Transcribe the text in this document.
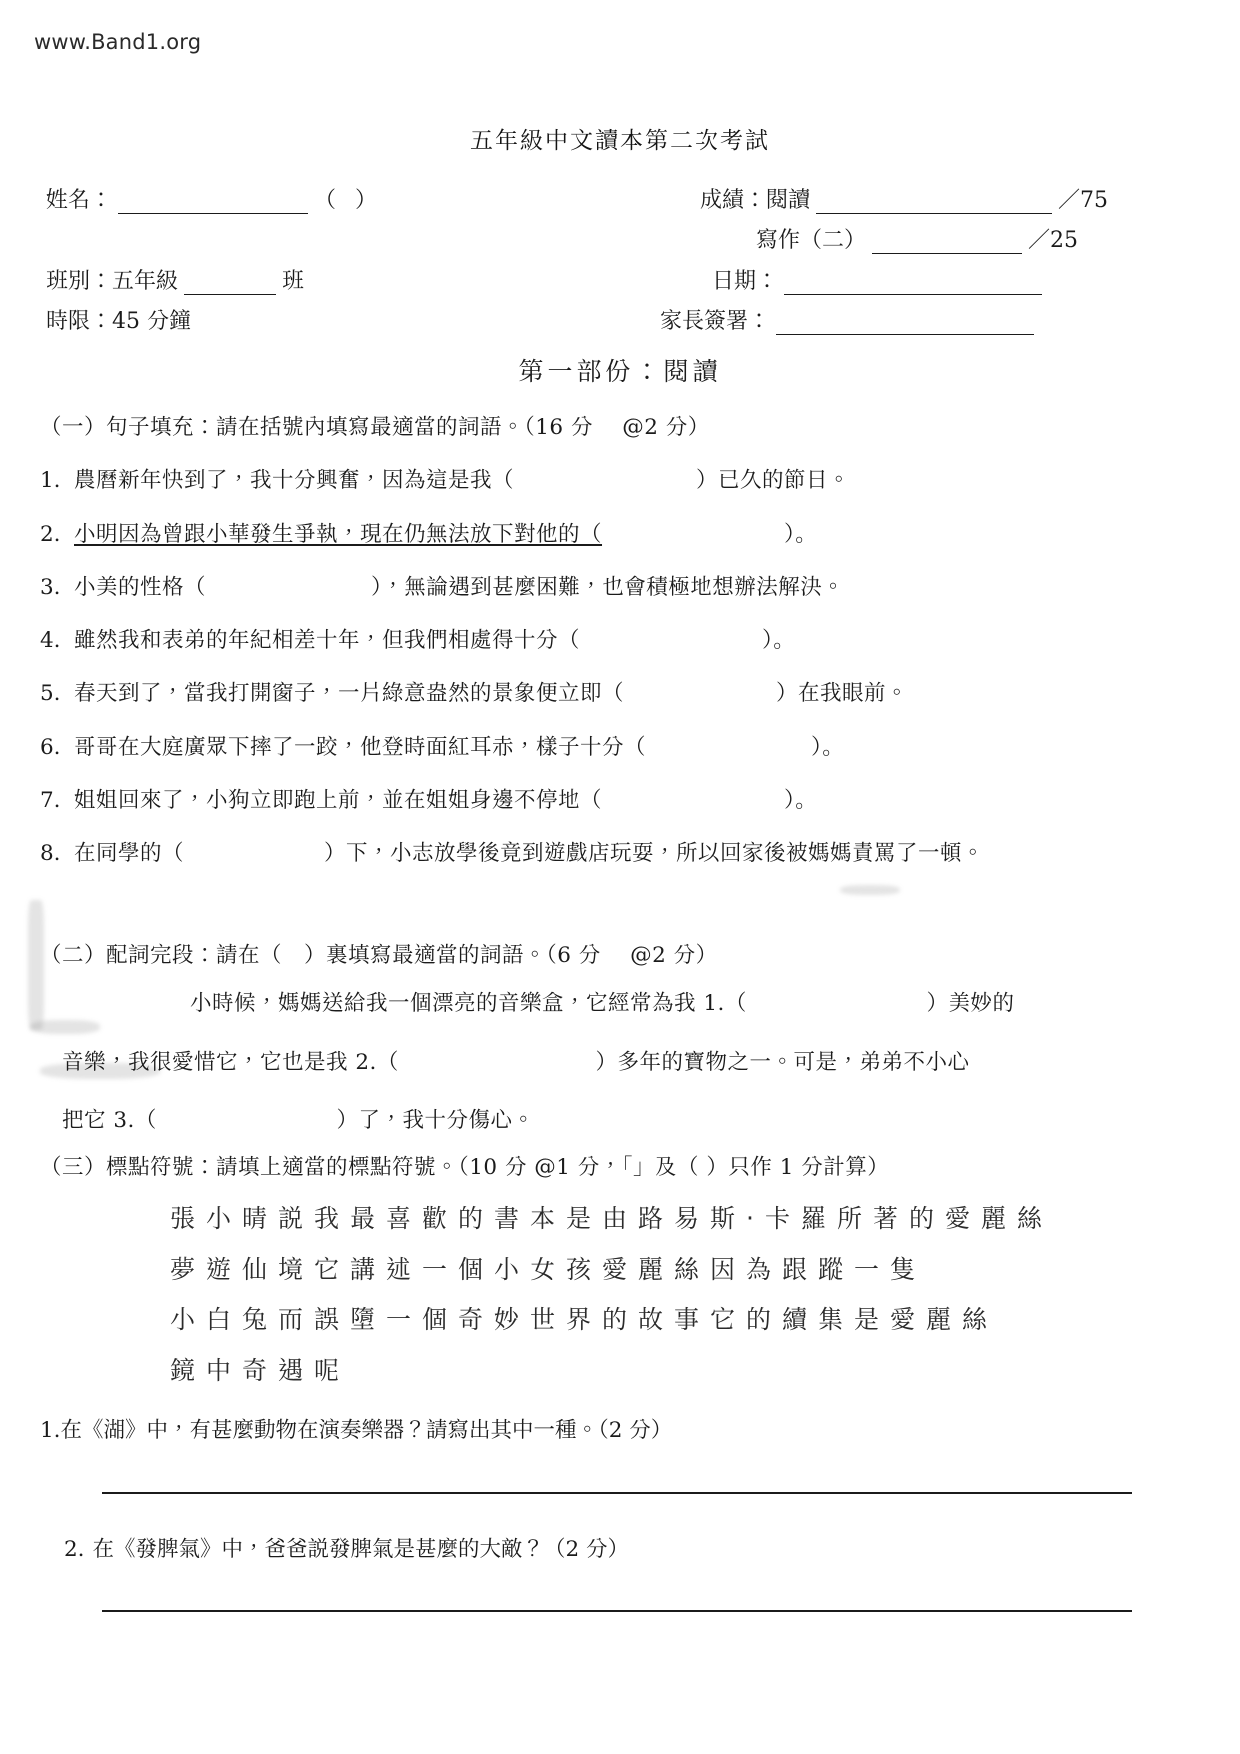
www.Band1.org
五年級中文讀本第二次考試
姓名：	（ ）
班別：五年級	班
時限：45 分鐘
成績：閱讀	／75
寫作（二）	／25
日期：
家長簽署：
第一部份：閱讀
（一）句子填充：請在括號內填寫最適當的詞語。（16 分　 @2 分）
1. 農曆新年快到了，我十分興奮，因為這是我（	）已久的節日。
2. 小明因為曾跟小華發生爭執，現在仍無法放下對他的（	）。
3. 小美的性格（	），無論遇到甚麼困難，也會積極地想辦法解決。
4. 雖然我和表弟的年紀相差十年，但我們相處得十分（	）。
5. 春天到了，當我打開窗子，一片綠意盎然的景象便立即（	）在我眼前。
6. 哥哥在大庭廣眾下摔了一跤，他登時面紅耳赤，樣子十分（	）。
7. 姐姐回來了，小狗立即跑上前，並在姐姐身邊不停地（	）。
8. 在同學的（	）下，小志放學後竟到遊戲店玩耍，所以回家後被媽媽責罵了一頓。
（二）配詞完段：請在（　）裏填寫最適當的詞語。（6 分　 @2 分）
小時候，媽媽送給我一個漂亮的音樂盒，它經常為我 1.（	）美妙的
音樂，我很愛惜它，它也是我 2.（	）多年的寶物之一。可是，弟弟不小心
把它 3.（	）了，我十分傷心。
（三）標點符號：請填上適當的標點符號。（10 分 @1 分，「」及（ ）只作 1 分計算）
張小晴説我最喜歡的書本是由路易斯‧卡羅所著的愛麗絲
夢遊仙境它講述一個小女孩愛麗絲因為跟蹤一隻
小白兔而誤墮一個奇妙世界的故事它的續集是愛麗絲
鏡中奇遇呢
1. 在《湖》中，有甚麼動物在演奏樂器？請寫出其中一種。（2 分）
2. 在《發脾氣》中，爸爸説發脾氣是甚麼的大敵？（2 分）
